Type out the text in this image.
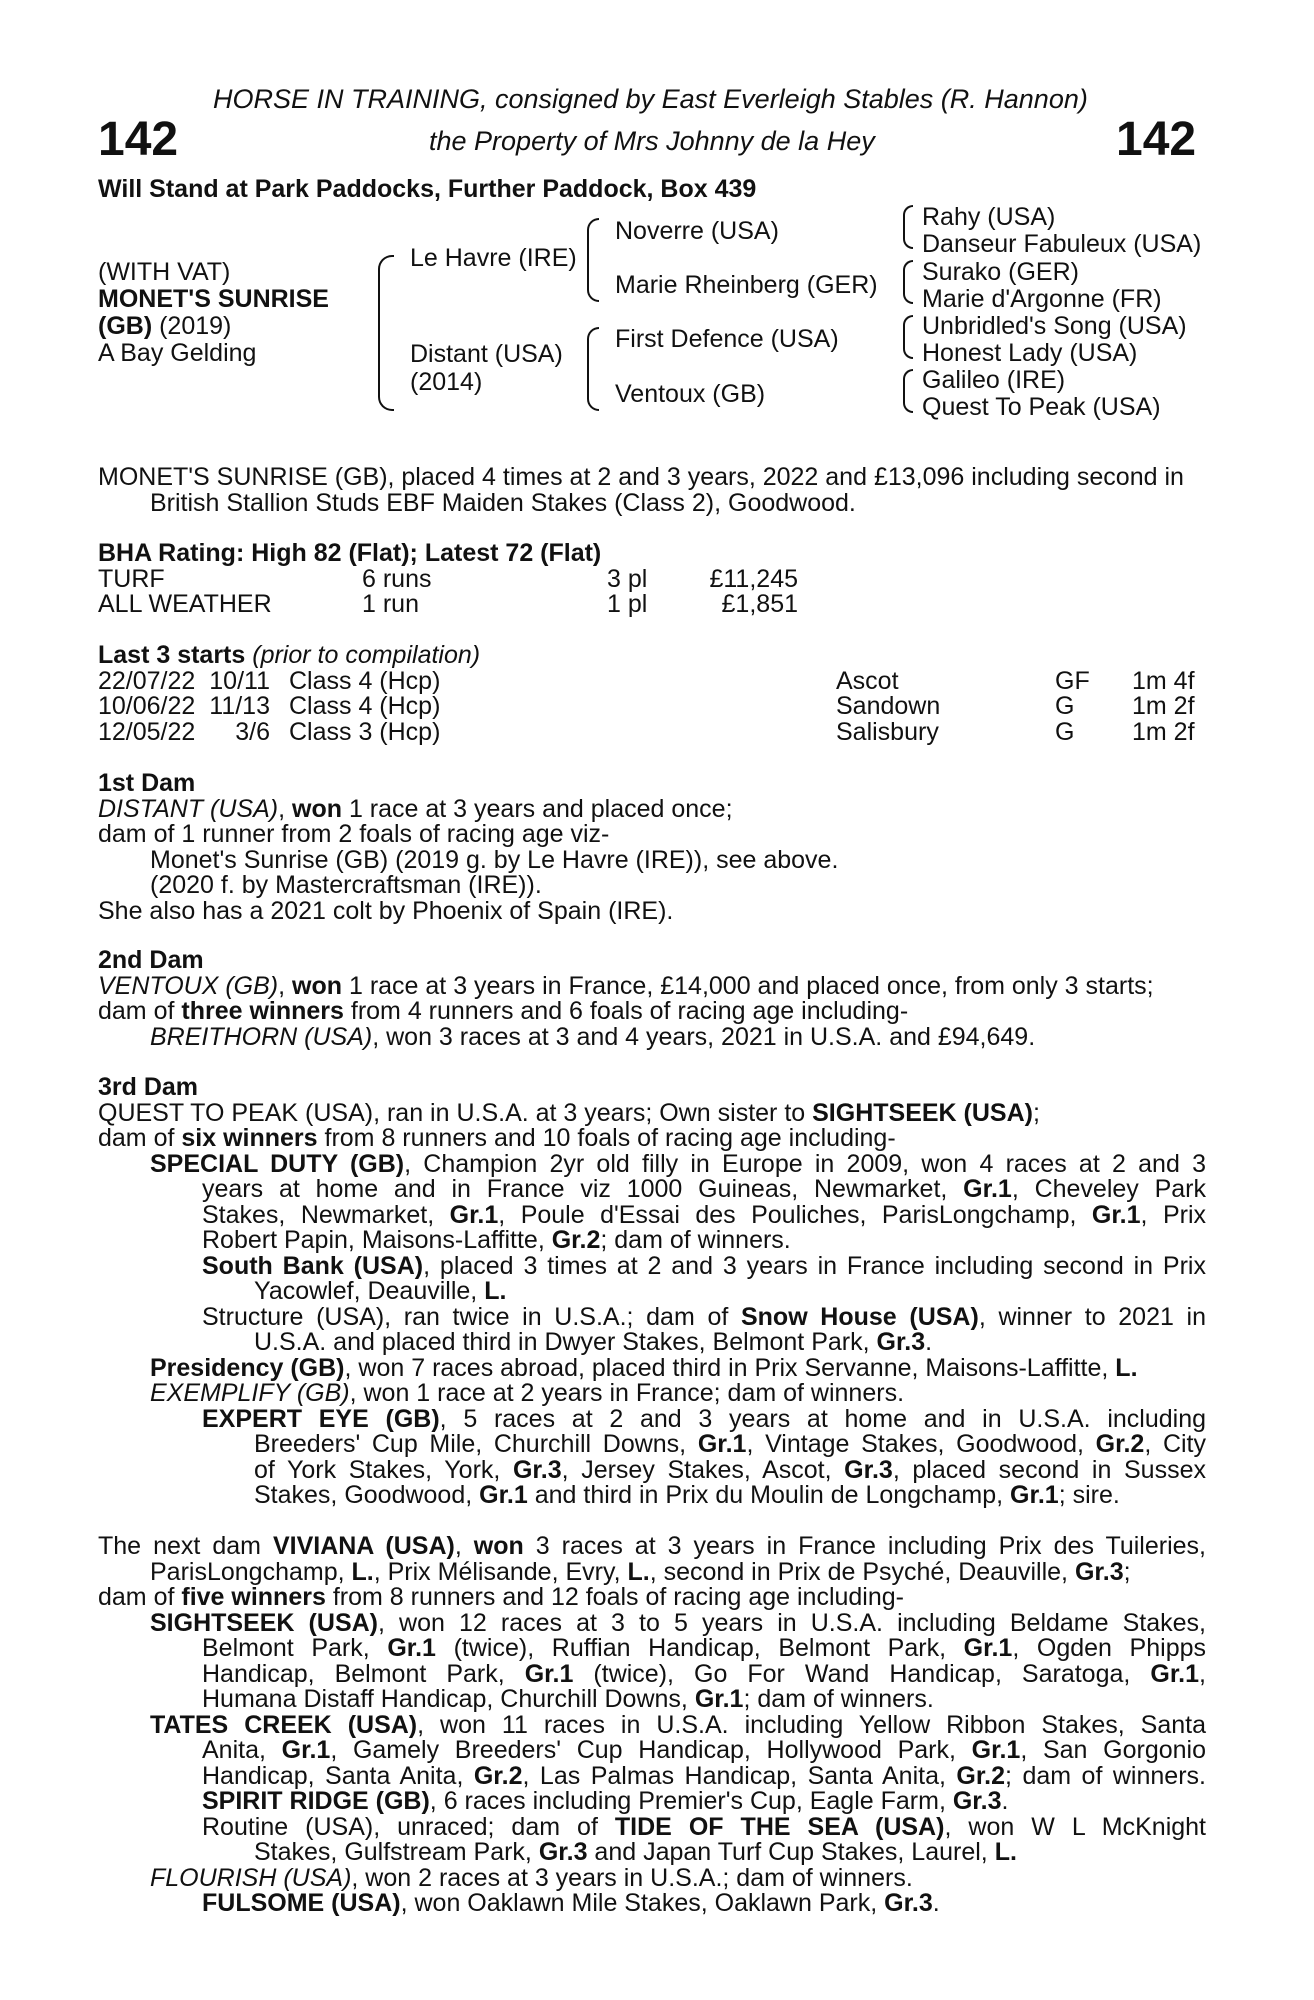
HORSE IN TRAINING, consigned by East Everleigh Stables (R. Hannon)
the Property of Mrs Johnny de la Hey
142	142
Will Stand at Park Paddocks, Further Paddock, Box 439
(WITH VAT)
MONET'S SUNRISE
(GB) (2019)
A Bay Gelding
Le Havre (IRE)
Distant (USA)
(2014)
Noverre (USA)
Marie Rheinberg (GER)
First Defence (USA)
Ventoux (GB)
Rahy (USA)
Danseur Fabuleux (USA)
Surako (GER)
Marie d'Argonne (FR)
Unbridled's Song (USA)
Honest Lady (USA)
Galileo (IRE)
Quest To Peak (USA)
MONET'S SUNRISE (GB), placed 4 times at 2 and 3 years, 2022 and £13,096 including second in
British Stallion Studs EBF Maiden Stakes (Class 2), Goodwood.
BHA Rating: High 82 (Flat); Latest 72 (Flat)
TURF	6 runs	3 pl	£11,245
ALL WEATHER	1 run	1 pl	£1,851
Last 3 starts (prior to compilation)
22/07/22 10/11 Class 4 (Hcp)	Ascot	GF	1m 4f
10/06/22 11/13 Class 4 (Hcp)	Sandown	G	1m 2f
12/05/22	3/6 Class 3 (Hcp)	Salisbury	G	1m 2f
1st Dam
DISTANT (USA), won 1 race at 3 years and placed once;
dam of 1 runner from 2 foals of racing age viz-
Monet's Sunrise (GB) (2019 g. by Le Havre (IRE)), see above.
(2020 f. by Mastercraftsman (IRE)).
She also has a 2021 colt by Phoenix of Spain (IRE).
2nd Dam
VENTOUX (GB), won 1 race at 3 years in France, £14,000 and placed once, from only 3 starts;
dam of three winners from 4 runners and 6 foals of racing age including-
BREITHORN (USA), won 3 races at 3 and 4 years, 2021 in U.S.A. and £94,649.
3rd Dam
QUEST TO PEAK (USA), ran in U.S.A. at 3 years; Own sister to SIGHTSEEK (USA);
dam of six winners from 8 runners and 10 foals of racing age including-
SPECIAL DUTY (GB), Champion 2yr old filly in Europe in 2009, won 4 races at 2 and 3
years at home and in France viz 1000 Guineas, Newmarket, Gr.1, Cheveley Park
Stakes, Newmarket, Gr.1, Poule d'Essai des Pouliches, ParisLongchamp, Gr.1, Prix
Robert Papin, Maisons-Laffitte, Gr.2; dam of winners.
South Bank (USA), placed 3 times at 2 and 3 years in France including second in Prix
Yacowlef, Deauville, L.
Structure (USA), ran twice in U.S.A.; dam of Snow House (USA), winner to 2021 in
U.S.A. and placed third in Dwyer Stakes, Belmont Park, Gr.3.
Presidency (GB), won 7 races abroad, placed third in Prix Servanne, Maisons-Laffitte, L.
EXEMPLIFY (GB), won 1 race at 2 years in France; dam of winners.
EXPERT EYE (GB), 5 races at 2 and 3 years at home and in U.S.A. including
Breeders' Cup Mile, Churchill Downs, Gr.1, Vintage Stakes, Goodwood, Gr.2, City
of York Stakes, York, Gr.3, Jersey Stakes, Ascot, Gr.3, placed second in Sussex
Stakes, Goodwood, Gr.1 and third in Prix du Moulin de Longchamp, Gr.1; sire.
The next dam VIVIANA (USA), won 3 races at 3 years in France including Prix des Tuileries,
ParisLongchamp, L., Prix Mélisande, Evry, L., second in Prix de Psyché, Deauville, Gr.3;
dam of five winners from 8 runners and 12 foals of racing age including-
SIGHTSEEK (USA), won 12 races at 3 to 5 years in U.S.A. including Beldame Stakes,
Belmont Park, Gr.1 (twice), Ruffian Handicap, Belmont Park, Gr.1, Ogden Phipps
Handicap, Belmont Park, Gr.1 (twice), Go For Wand Handicap, Saratoga, Gr.1,
Humana Distaff Handicap, Churchill Downs, Gr.1; dam of winners.
TATES CREEK (USA), won 11 races in U.S.A. including Yellow Ribbon Stakes, Santa
Anita, Gr.1, Gamely Breeders' Cup Handicap, Hollywood Park, Gr.1, San Gorgonio
Handicap, Santa Anita, Gr.2, Las Palmas Handicap, Santa Anita, Gr.2; dam of winners.
SPIRIT RIDGE (GB), 6 races including Premier's Cup, Eagle Farm, Gr.3.
Routine (USA), unraced; dam of TIDE OF THE SEA (USA), won W L McKnight
Stakes, Gulfstream Park, Gr.3 and Japan Turf Cup Stakes, Laurel, L.
FLOURISH (USA), won 2 races at 3 years in U.S.A.; dam of winners.
FULSOME (USA), won Oaklawn Mile Stakes, Oaklawn Park, Gr.3.
